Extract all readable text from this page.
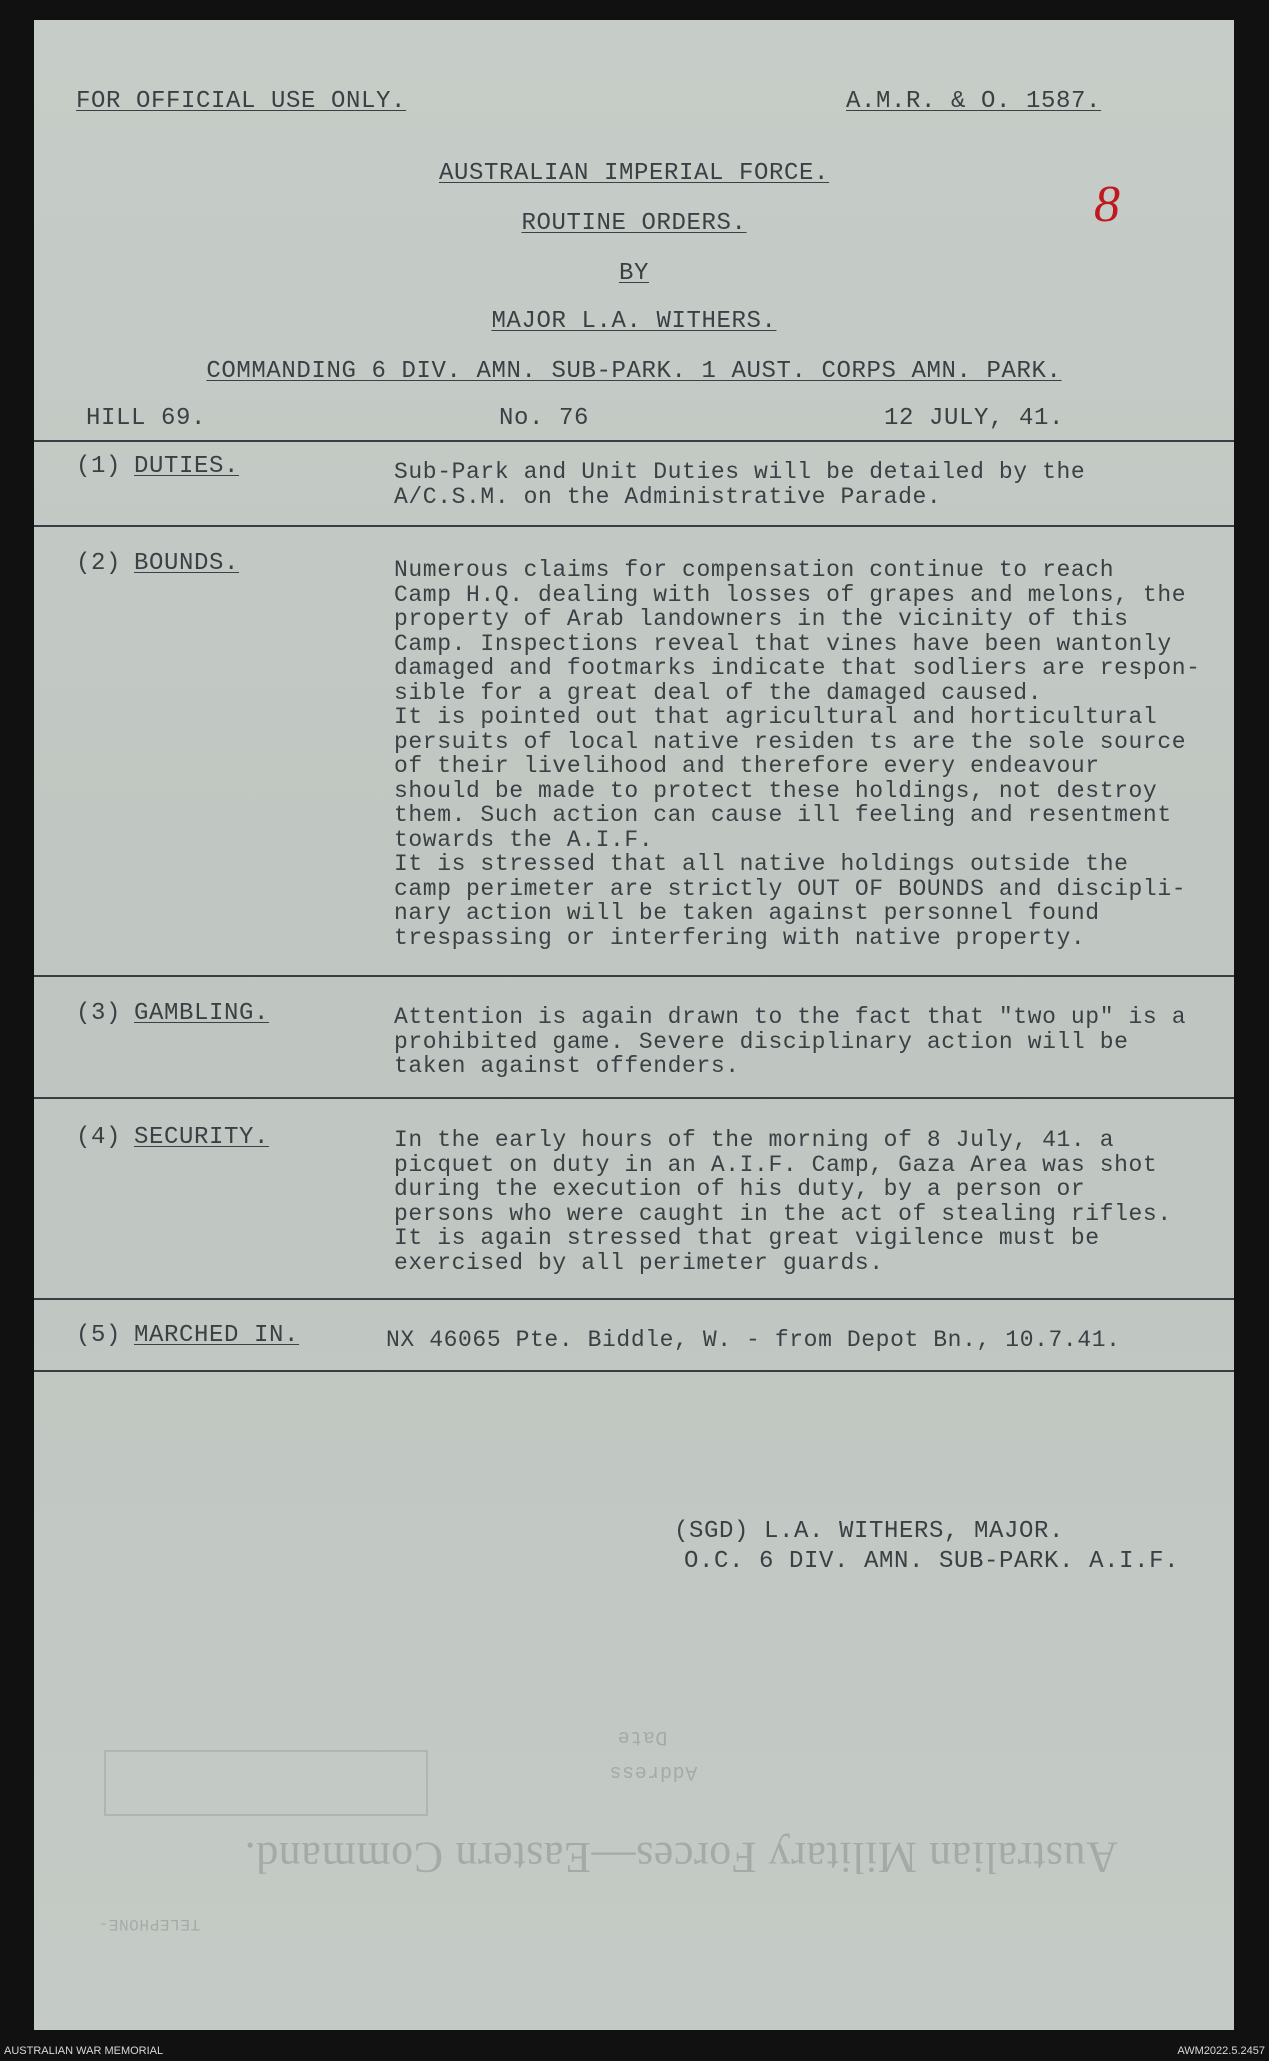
FOR OFFICIAL USE ONLY.	A.M.R. & O. 1587.
AUSTRALIAN IMPERIAL FORCE.
ROUTINE ORDERS.
BY
MAJOR L.A. WITHERS.
COMMANDING 6 DIV. AMN. SUB-PARK. 1 AUST. CORPS AMN. PARK.
8
HILL 69.	No. 76	12 JULY, 41.
(1) DUTIES.	Sub-Park and Unit Duties will be detailed by the
A/C.S.M. on the Administrative Parade.
(2) BOUNDS.	Numerous claims for compensation continue to reach
Camp H.Q. dealing with losses of grapes and melons, the
property of Arab landowners in the vicinity of this
Camp. Inspections reveal that vines have been wantonly
damaged and footmarks indicate that sodliers are respon-
sible for a great deal of the damaged caused.
It is pointed out that agricultural and horticultural
persuits of local native residen ts are the sole source
of their livelihood and therefore every endeavour
should be made to protect these holdings, not destroy
them. Such action can cause ill feeling and resentment
towards the A.I.F.
It is stressed that all native holdings outside the
camp perimeter are strictly OUT OF BOUNDS and discipli-
nary action will be taken against personnel found
trespassing or interfering with native property.
(3) GAMBLING.	Attention is again drawn to the fact that "two up" is a
prohibited game. Severe disciplinary action will be
taken against offenders.
(4) SECURITY.	In the early hours of the morning of 8 July, 41. a
picquet on duty in an A.I.F. Camp, Gaza Area was shot
during the execution of his duty, by a person or
persons who were caught in the act of stealing rifles.
It is again stressed that great vigilence must be
exercised by all perimeter guards.
(5) MARCHED IN.	NX 46065 Pte. Biddle, W. - from Depot Bn., 10.7.41.
(SGD) L.A. WITHERS, MAJOR.
O.C. 6 DIV. AMN. SUB-PARK. A.I.F.
Address
Date
Australian Military Forces—Eastern Command.
TELEPHONE-
AUSTRALIAN WAR MEMORIAL	AWM2022.5.2457
